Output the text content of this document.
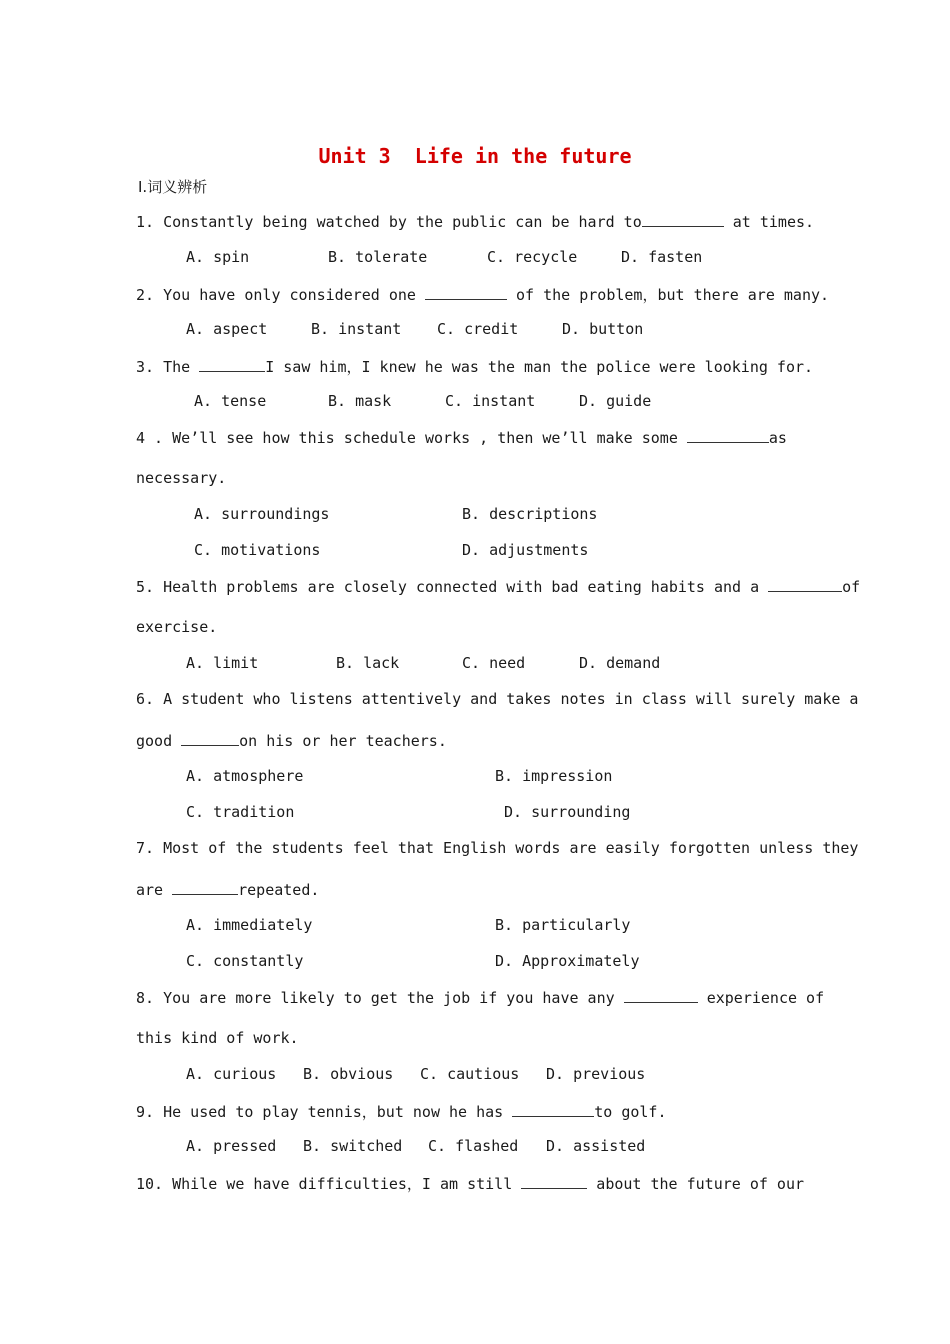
Unit 3  Life in the future
Ⅰ.词义辨析
1. Constantly being watched by the public can be hard to	at times.
A. spin	B. tolerate	C. recycle	D. fasten
2. You have only considered one	of the problem，but there are many.
A. aspect	B. instant C. credit	D. button
3. The	I saw him，I knew he was the man the police were looking for.
A. tense	B. mask	C. instant	D. guide
4 . We’ll see how this schedule works , then we’ll make some	as
necessary.
A. surroundings	B. descriptions
C. motivations	D. adjustments
5. Health problems are closely connected with bad eating habits and a	of
exercise.
A. limit	B. lack	C. need	D. demand
6. A student who listens attentively and takes notes in class will surely make a
good	on his or her teachers.
A. atmosphere	B. impression
C. tradition	D. surrounding
7. Most of the students feel that English words are easily forgotten unless they
are	repeated.
A. immediately	B. particularly
C. constantly	D. Approximately
8. You are more likely to get the job if you have any	experience of
this kind of work.
A. curious B. obvious C. cautious D. previous
9. He used to play tennis，but now he has	to golf.
A. pressed B. switched C. flashed D. assisted
10. While we have difficulties，I am still	about the future of our
